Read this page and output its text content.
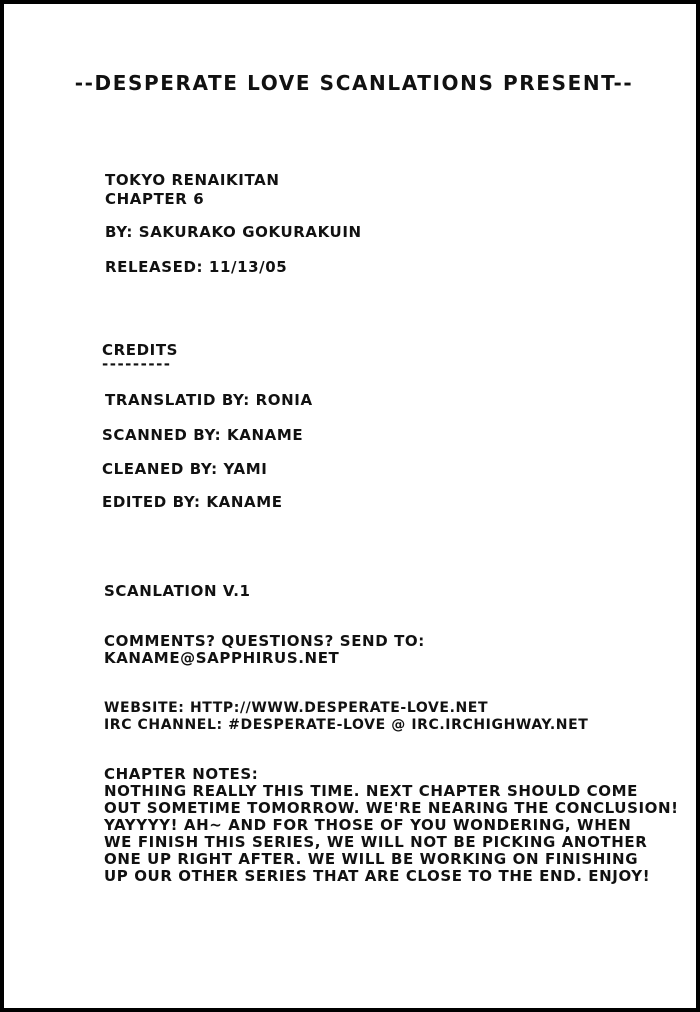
--DESPERATE LOVE SCANLATIONS PRESENT--

TOKYO RENAIKITAN

CHAPTER 6

BY: SAKURAKO GOKURAKUIN

RELEASED: 11/13/05

CREDITS

---------

TRANSLATID BY: RONIA

SCANNED BY: KANAME

CLEANED BY: YAMI

EDITED BY: KANAME

SCANLATION V.1

COMMENTS? QUESTIONS? SEND TO:

KANAME@SAPPHIRUS.NET

WEBSITE: HTTP://WWW.DESPERATE-LOVE.NET

IRC CHANNEL: #DESPERATE-LOVE @ IRC.IRCHIGHWAY.NET

CHAPTER NOTES:

NOTHING REALLY THIS TIME. NEXT CHAPTER SHOULD COME

OUT SOMETIME TOMORROW. WE'RE NEARING THE CONCLUSION!

YAYYYY! AH~ AND FOR THOSE OF YOU WONDERING, WHEN

WE FINISH THIS SERIES, WE WILL NOT BE PICKING ANOTHER

ONE UP RIGHT AFTER. WE WILL BE WORKING ON FINISHING

UP OUR OTHER SERIES THAT ARE CLOSE TO THE END. ENJOY!
